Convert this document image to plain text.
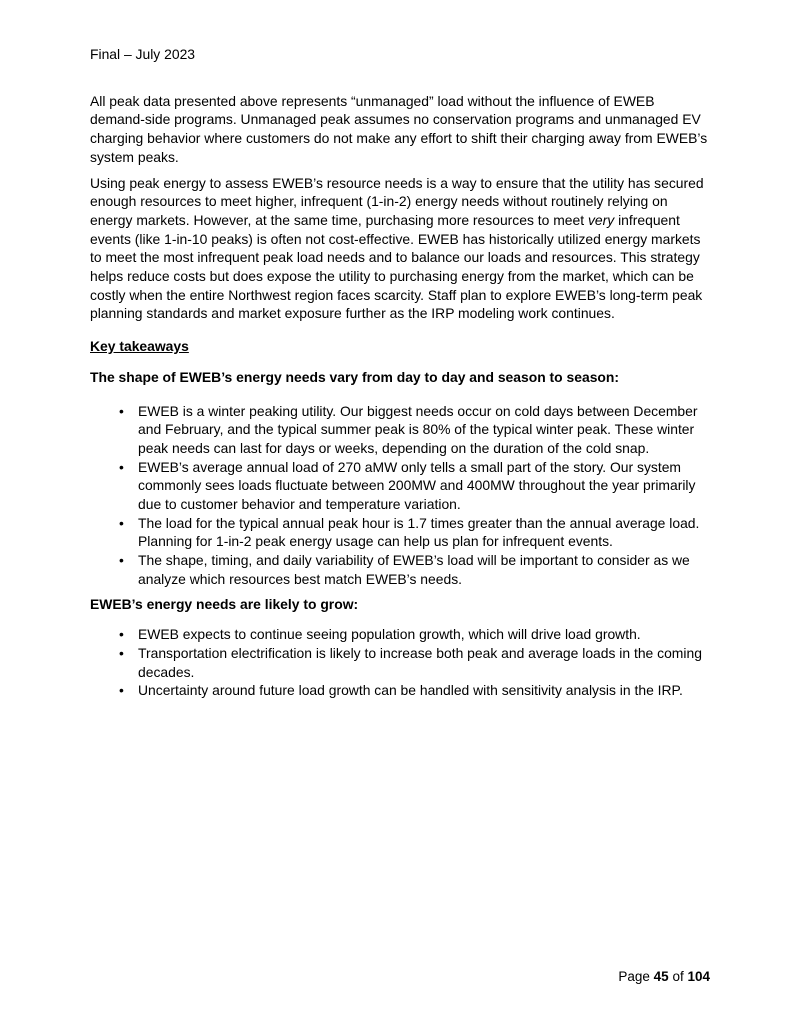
Final – July 2023

All peak data presented above represents “unmanaged” load without the influence of EWEB demand-side programs. Unmanaged peak assumes no conservation programs and unmanaged EV charging behavior where customers do not make any effort to shift their charging away from EWEB’s system peaks.

Using peak energy to assess EWEB’s resource needs is a way to ensure that the utility has secured enough resources to meet higher, infrequent (1-in-2) energy needs without routinely relying on energy markets. However, at the same time, purchasing more resources to meet very infrequent events (like 1-in-10 peaks) is often not cost-effective. EWEB has historically utilized energy markets to meet the most infrequent peak load needs and to balance our loads and resources. This strategy helps reduce costs but does expose the utility to purchasing energy from the market, which can be costly when the entire Northwest region faces scarcity. Staff plan to explore EWEB’s long-term peak planning standards and market exposure further as the IRP modeling work continues.

Key takeaways
The shape of EWEB’s energy needs vary from day to day and season to season:
• EWEB is a winter peaking utility. Our biggest needs occur on cold days between December and February, and the typical summer peak is 80% of the typical winter peak. These winter peak needs can last for days or weeks, depending on the duration of the cold snap.
• EWEB’s average annual load of 270 aMW only tells a small part of the story. Our system commonly sees loads fluctuate between 200MW and 400MW throughout the year primarily due to customer behavior and temperature variation.
• The load for the typical annual peak hour is 1.7 times greater than the annual average load. Planning for 1-in-2 peak energy usage can help us plan for infrequent events.
• The shape, timing, and daily variability of EWEB’s load will be important to consider as we analyze which resources best match EWEB’s needs.
EWEB’s energy needs are likely to grow:
• EWEB expects to continue seeing population growth, which will drive load growth.
• Transportation electrification is likely to increase both peak and average loads in the coming decades.
• Uncertainty around future load growth can be handled with sensitivity analysis in the IRP.
Page 45 of 104
